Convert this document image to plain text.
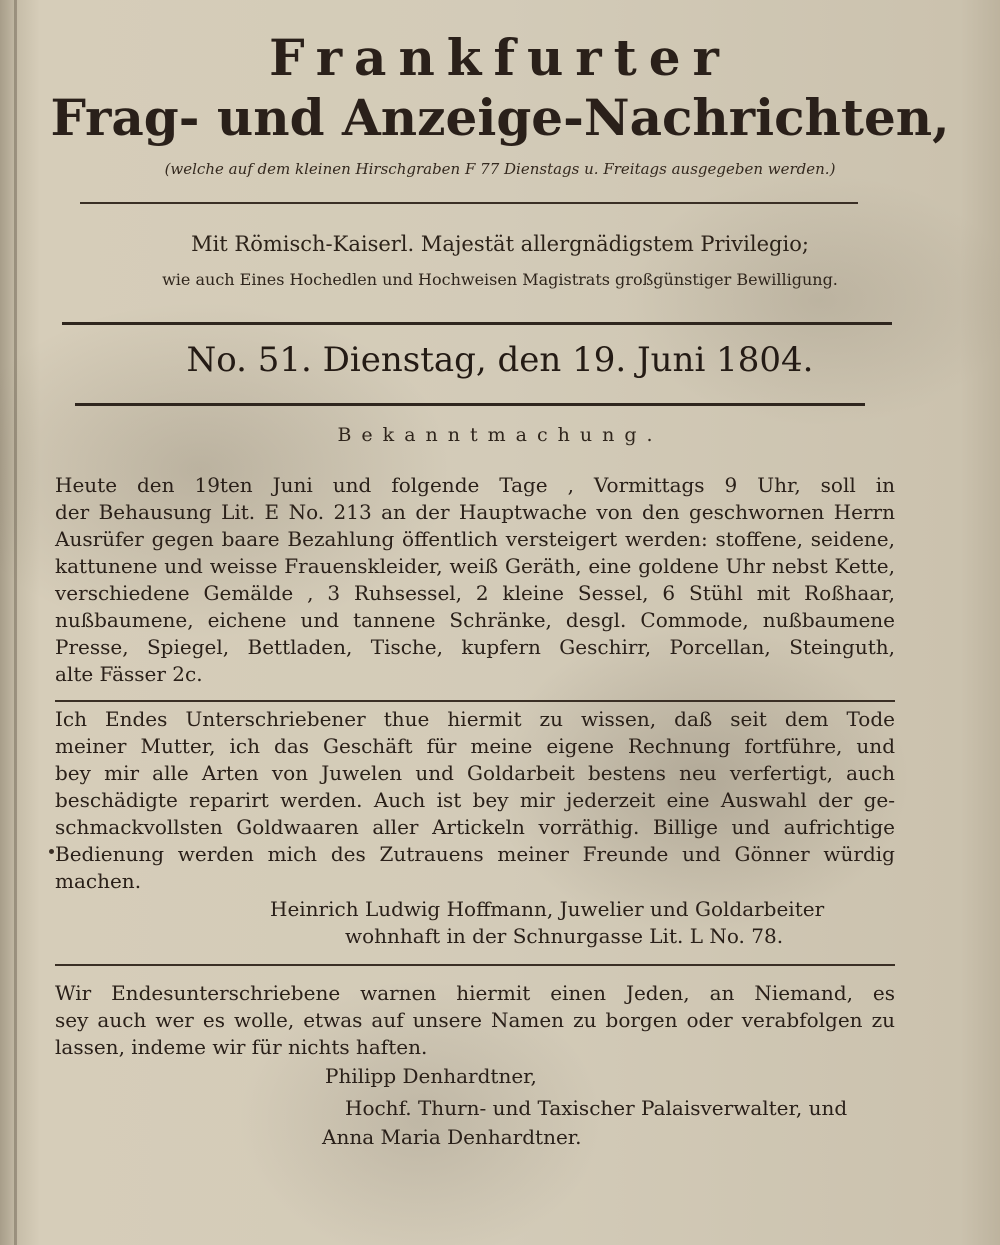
Frankfurter
Frag- und Anzeige-Nachrichten,
(welche auf dem kleinen Hirschgraben F 77 Dienstags u. Freitags ausgegeben werden.)
Mit Römisch-Kaiserl. Majestät allergnädigstem Privilegio;
wie auch Eines Hochedlen und Hochweisen Magistrats großgünstiger Bewilligung.
No. 51. Dienstag, den 19. Juni 1804.
Bekanntmachung.
Heute den 19ten Juni und folgende Tage , Vormittags 9 Uhr, soll in
der Behausung Lit. E No. 213 an der Hauptwache von den geschwornen Herrn
Ausrüfer gegen baare Bezahlung öffentlich versteigert werden: stoffene, seidene,
kattunene und weisse Frauenskleider, weiß Geräth, eine goldene Uhr nebst Kette,
verschiedene Gemälde , 3 Ruhsessel, 2 kleine Sessel, 6 Stühl mit Roßhaar,
nußbaumene, eichene und tannene Schränke, desgl. Commode, nußbaumene
Presse, Spiegel, Bettladen, Tische, kupfern Geschirr, Porcellan, Steinguth,
alte Fässer 2c.
Ich Endes Unterschriebener thue hiermit zu wissen, daß seit dem Tode
meiner Mutter, ich das Geschäft für meine eigene Rechnung fortführe, und
bey mir alle Arten von Juwelen und Goldarbeit bestens neu verfertigt, auch
beschädigte reparirt werden. Auch ist bey mir jederzeit eine Auswahl der ge-
schmackvollsten Goldwaaren aller Artickeln vorräthig. Billige und aufrichtige
Bedienung werden mich des Zutrauens meiner Freunde und Gönner würdig
machen.
Heinrich Ludwig Hoffmann, Juwelier und Goldarbeiter
wohnhaft in der Schnurgasse Lit. L No. 78.
Wir Endesunterschriebene warnen hiermit einen Jeden, an Niemand, es
sey auch wer es wolle, etwas auf unsere Namen zu borgen oder verabfolgen zu
lassen, indeme wir für nichts haften.
Philipp Denhardtner,
Hochf. Thurn- und Taxischer Palaisverwalter, und
Anna Maria Denhardtner.
